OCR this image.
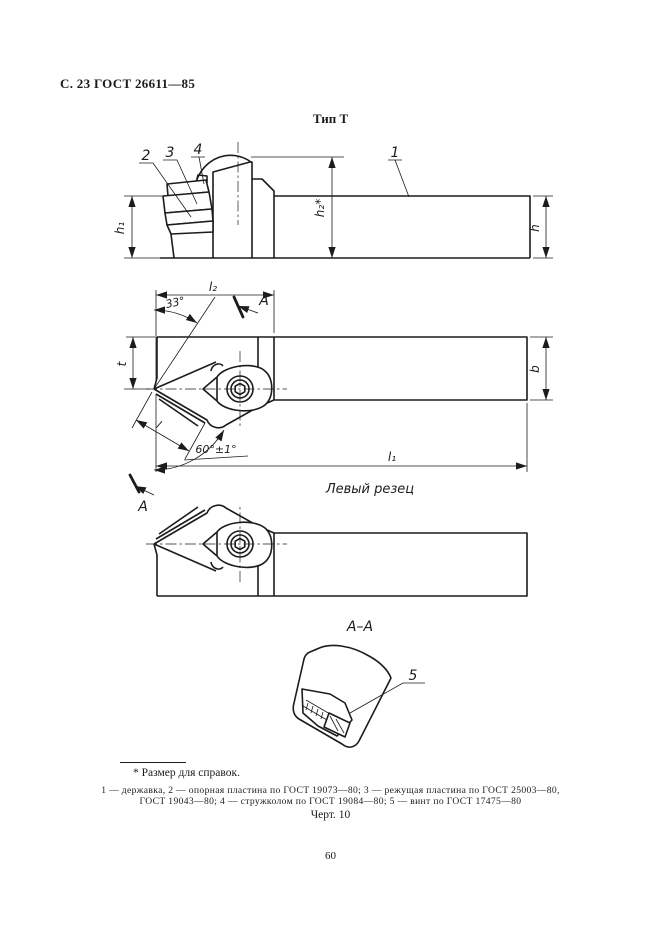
С. 23 ГОСТ 26611—85
Тип Т
Левый резец
А–А
* Размер для справок.
1 — державка, 2 — опорная пластина по ГОСТ 19073—80; 3 — режущая пластина по ГОСТ 25003—80,
ГОСТ 19043—80; 4 — стружколом по ГОСТ 19084—80; 5 — винт по ГОСТ 17475—80
Черт. 10
60
h₁
h₂*
h
2 3 4	1
l₂
33°	А
t
b
l₁
60°±1°
l
А
5
